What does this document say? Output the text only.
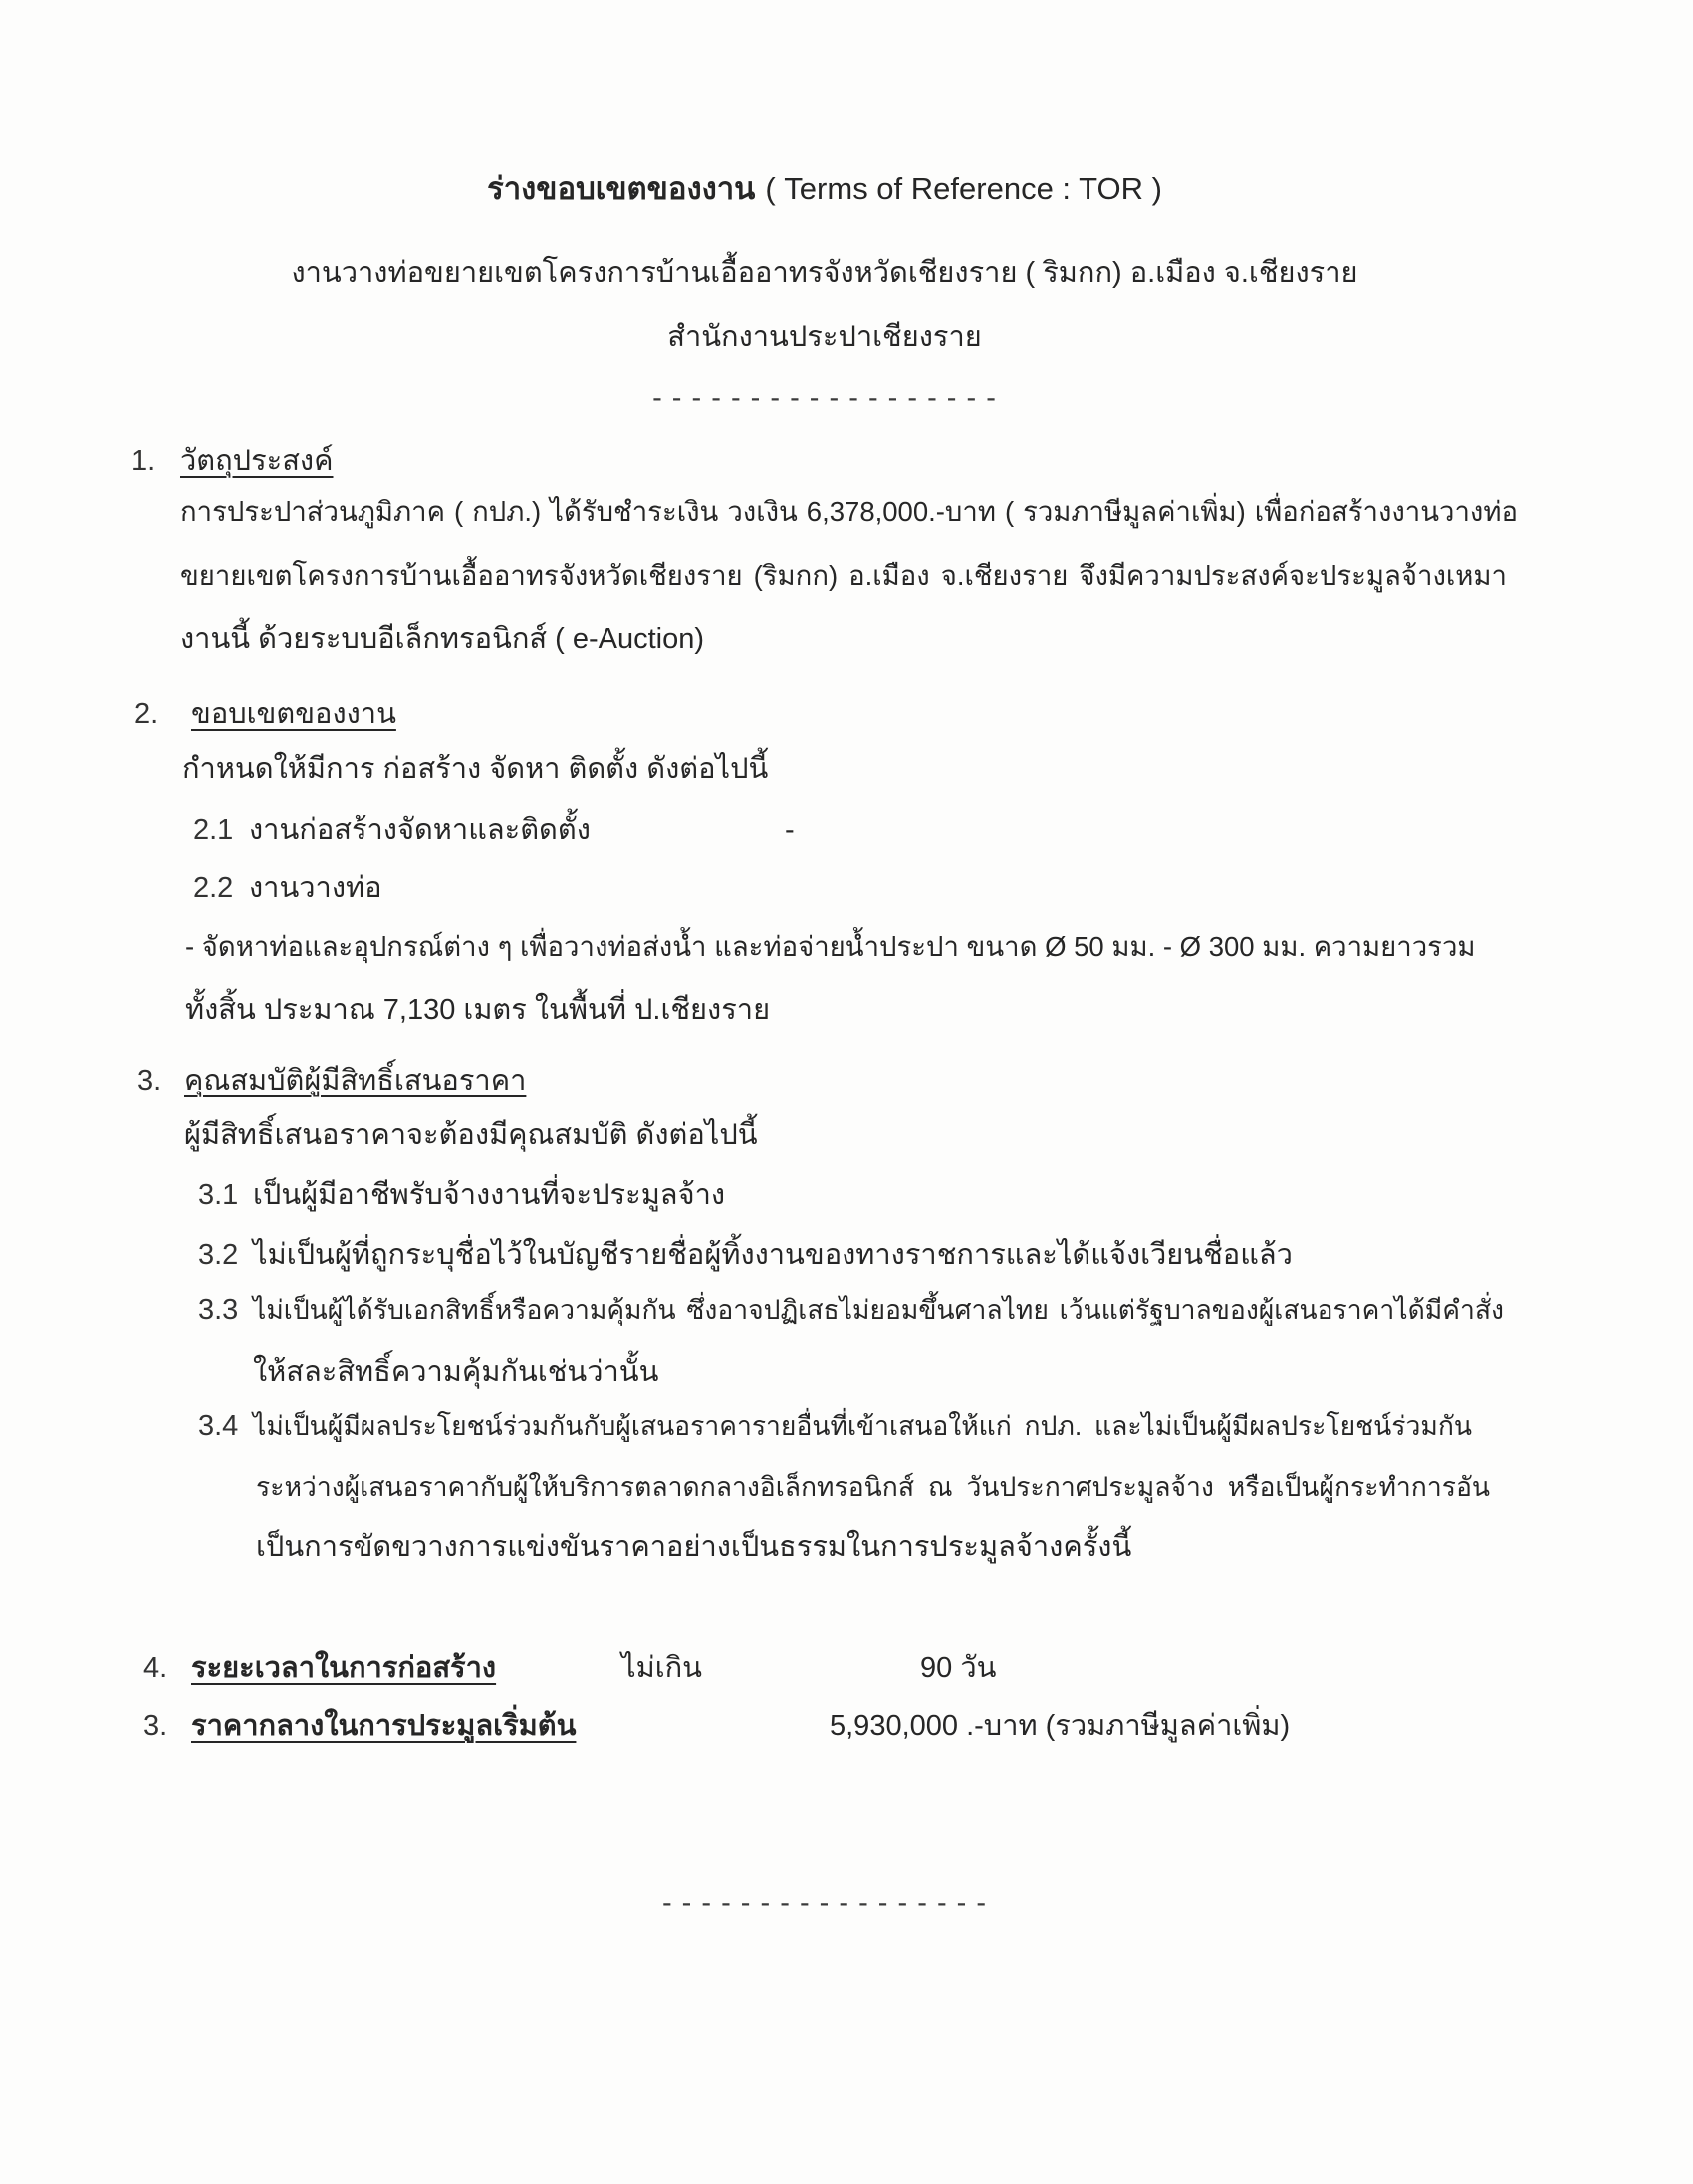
ร่างขอบเขตของงาน ( Terms of Reference : TOR )
งานวางท่อขยายเขตโครงการบ้านเอื้ออาทรจังหวัดเชียงราย ( ริมกก) อ.เมือง จ.เชียงราย
สำนักงานประปาเชียงราย
- - - - - - - - - - - - - - - - - -
1. วัตถุประสงค์
การประปาส่วนภูมิภาค ( กปภ.) ได้รับชำระเงิน วงเงิน 6,378,000.-บาท ( รวมภาษีมูลค่าเพิ่ม) เพื่อก่อสร้างงานวางท่อ
ขยายเขตโครงการบ้านเอื้ออาทรจังหวัดเชียงราย (ริมกก) อ.เมือง จ.เชียงราย จึงมีความประสงค์จะประมูลจ้างเหมา
งานนี้ ด้วยระบบอีเล็กทรอนิกส์ ( e-Auction)
2. ขอบเขตของงาน
กำหนดให้มีการ ก่อสร้าง จัดหา ติดตั้ง ดังต่อไปนี้
2.1 งานก่อสร้างจัดหาและติดตั้ง	-
2.2 งานวางท่อ
- จัดหาท่อและอุปกรณ์ต่าง ๆ เพื่อวางท่อส่งน้ำ และท่อจ่ายน้ำประปา ขนาด Ø 50 มม. - Ø 300 มม. ความยาวรวม
ทั้งสิ้น ประมาณ 7,130 เมตร ในพื้นที่ ป.เชียงราย
3. คุณสมบัติผู้มีสิทธิ์เสนอราคา
ผู้มีสิทธิ์เสนอราคาจะต้องมีคุณสมบัติ ดังต่อไปนี้
3.1 เป็นผู้มีอาชีพรับจ้างงานที่จะประมูลจ้าง
3.2 ไม่เป็นผู้ที่ถูกระบุชื่อไว้ในบัญชีรายชื่อผู้ทิ้งงานของทางราชการและได้แจ้งเวียนชื่อแล้ว
3.3 ไม่เป็นผู้ได้รับเอกสิทธิ์หรือความคุ้มกัน ซึ่งอาจปฏิเสธไม่ยอมขึ้นศาลไทย เว้นแต่รัฐบาลของผู้เสนอราคาได้มีคำสั่ง
ให้สละสิทธิ์ความคุ้มกันเช่นว่านั้น
3.4 ไม่เป็นผู้มีผลประโยชน์ร่วมกันกับผู้เสนอราคารายอื่นที่เข้าเสนอให้แก่ กปภ. และไม่เป็นผู้มีผลประโยชน์ร่วมกัน
ระหว่างผู้เสนอราคากับผู้ให้บริการตลาดกลางอิเล็กทรอนิกส์ ณ วันประกาศประมูลจ้าง หรือเป็นผู้กระทำการอัน
เป็นการขัดขวางการแข่งขันราคาอย่างเป็นธรรมในการประมูลจ้างครั้งนี้
4. ระยะเวลาในการก่อสร้าง	ไม่เกิน	90 วัน
3. ราคากลางในการประมูลเริ่มต้น	5,930,000 .-บาท (รวมภาษีมูลค่าเพิ่ม)
- - - - - - - - - - - - - - - - -
